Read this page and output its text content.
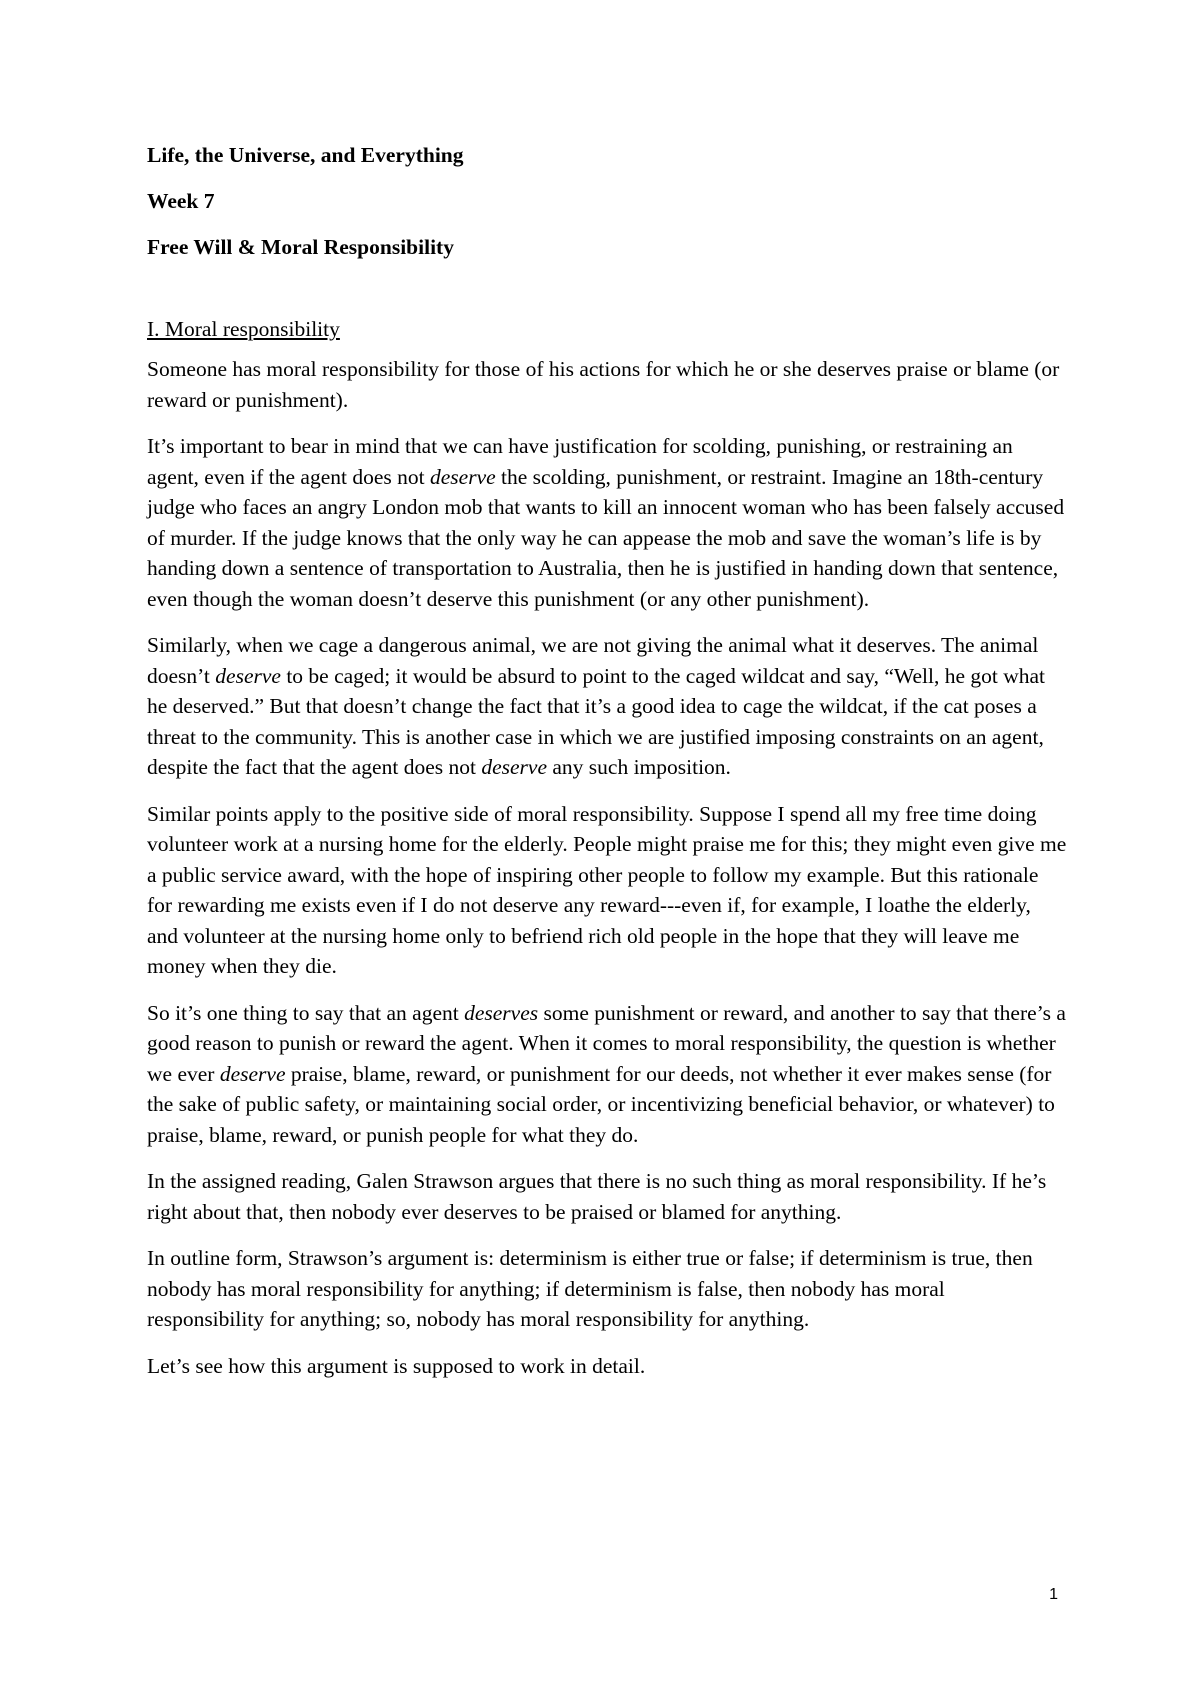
Life, the Universe, and Everything
Week 7
Free Will & Moral Responsibility
I. Moral responsibility

Someone has moral responsibility for those of his actions for which he or she deserves praise or blame (or reward or punishment).

It’s important to bear in mind that we can have justification for scolding, punishing, or restraining an agent, even if the agent does not deserve the scolding, punishment, or restraint. Imagine an 18th-century judge who faces an angry London mob that wants to kill an innocent woman who has been falsely accused of murder. If the judge knows that the only way he can appease the mob and save the woman’s life is by handing down a sentence of transportation to Australia, then he is justified in handing down that sentence, even though the woman doesn’t deserve this punishment (or any other punishment).

Similarly, when we cage a dangerous animal, we are not giving the animal what it deserves. The animal doesn’t deserve to be caged; it would be absurd to point to the caged wildcat and say, “Well, he got what he deserved.” But that doesn’t change the fact that it’s a good idea to cage the wildcat, if the cat poses a threat to the community. This is another case in which we are justified imposing constraints on an agent, despite the fact that the agent does not deserve any such imposition.

Similar points apply to the positive side of moral responsibility. Suppose I spend all my free time doing volunteer work at a nursing home for the elderly. People might praise me for this; they might even give me a public service award, with the hope of inspiring other people to follow my example. But this rationale for rewarding me exists even if I do not deserve any reward---even if, for example, I loathe the elderly, and volunteer at the nursing home only to befriend rich old people in the hope that they will leave me money when they die.

So it’s one thing to say that an agent deserves some punishment or reward, and another to say that there’s a good reason to punish or reward the agent. When it comes to moral responsibility, the question is whether we ever deserve praise, blame, reward, or punishment for our deeds, not whether it ever makes sense (for the sake of public safety, or maintaining social order, or incentivizing beneficial behavior, or whatever) to praise, blame, reward, or punish people for what they do.

In the assigned reading, Galen Strawson argues that there is no such thing as moral responsibility. If he’s right about that, then nobody ever deserves to be praised or blamed for anything.

In outline form, Strawson’s argument is: determinism is either true or false; if determinism is true, then nobody has moral responsibility for anything; if determinism is false, then nobody has moral responsibility for anything; so, nobody has moral responsibility for anything.

Let’s see how this argument is supposed to work in detail.

1
